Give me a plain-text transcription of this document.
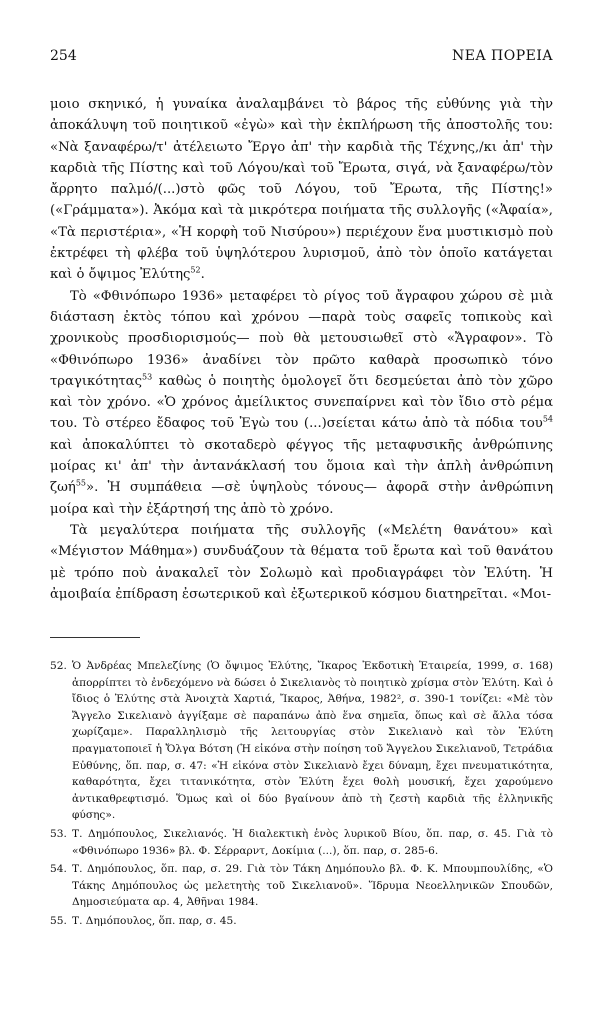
254	ΝΕΑ ΠΟΡΕΙΑ

μοιο σκηνικό, ἡ γυναίκα ἀναλαμβάνει τὸ βάρος τῆς εὐθύνης γιὰ τὴν ἀποκάλυψη τοῦ ποιητικοῦ «ἐγὼ» καὶ τὴν ἐκπλήρωση τῆς ἀποστολῆς του: «Νὰ ξαναφέρω/τ' ἀτέλειωτο Ἔργο ἀπ' τὴν καρδιὰ τῆς Τέχνης,/κι ἀπ' τὴν καρδιὰ τῆς Πίστης καὶ τοῦ Λόγου/καὶ τοῦ Ἔρωτα, σιγά, νὰ ξαναφέρω/τὸν ἄρρητο παλμό/(...)στὸ φῶς τοῦ Λόγου, τοῦ Ἔρωτα, τῆς Πίστης!» («Γράμματα»). Ἀκόμα καὶ τὰ μικρότερα ποιήματα τῆς συλλογῆς («Ἀφαία», «Τὰ περιστέρια», «Ἡ κορφὴ τοῦ Νισύρου») περιέχουν ἕνα μυστικισμὸ ποὺ ἐκτρέφει τὴ φλέβα τοῦ ὑψηλότερου λυρισμοῦ, ἀπὸ τὸν ὁποῖο κατάγεται καὶ ὁ ὄψιμος Ἐλύτης$^{52}$.

Τὸ «Φθινόπωρο 1936» μεταφέρει τὸ ρίγος τοῦ ἄγραφου χώρου σὲ μιὰ διάσταση ἐκτὸς τόπου καὶ χρόνου —παρὰ τοὺς σαφεῖς τοπικοὺς καὶ χρονικοὺς προσδιορισμούς— ποὺ θὰ μετουσιωθεῖ στὸ «Ἄγραφον». Τὸ «Φθινόπωρο 1936» ἀναδίνει τὸν πρῶτο καθαρὰ προσωπικὸ τόνο τραγικότητας$^{53}$ καθὼς ὁ ποιητὴς ὁμολογεῖ ὅτι δεσμεύεται ἀπὸ τὸν χῶρο καὶ τὸν χρόνο. «Ὁ χρόνος ἀμείλικτος συνεπαίρνει καὶ τὸν ἴδιο στὸ ρέμα του. Τὸ στέρεο ἔδαφος τοῦ Ἐγὼ του (...)σείεται κάτω ἀπὸ τὰ πόδια του$^{54}$ καὶ ἀποκαλύπτει τὸ σκοταδερὸ φέγγος τῆς μεταφυσικῆς ἀνθρώπινης μοίρας κι' ἀπ' τὴν ἀντανάκλασή του ὅμοια καὶ τὴν ἁπλὴ ἀνθρώπινη ζωή$^{55}$». Ἡ συμπάθεια —σὲ ὑψηλοὺς τόνους— ἀφορᾶ στὴν ἀνθρώπινη μοίρα καὶ τὴν ἐξάρτησή της ἀπὸ τὸ χρόνο.

Τὰ μεγαλύτερα ποιήματα τῆς συλλογῆς («Μελέτη θανάτου» καὶ «Μέγιστον Μάθημα») συνδυάζουν τὰ θέματα τοῦ ἔρωτα καὶ τοῦ θανάτου μὲ τρόπο ποὺ ἀνακαλεῖ τὸν Σολωμὸ καὶ προδιαγράφει τὸν Ἐλύτη. Ἡ ἀμοιβαία ἐπίδραση ἐσωτερικοῦ καὶ ἐξωτερικοῦ κόσμου διατηρεῖται. «Μοι-

52. Ὁ Ἀνδρέας Μπελεζίνης (Ὁ ὄψιμος Ἐλύτης, Ἴκαρος Ἐκδοτικὴ Ἑταιρεία, 1999, σ. 168) ἀπορρίπτει τὸ ἐνδεχόμενο νὰ δώσει ὁ Σικελιανὸς τὸ ποιητικὸ χρίσμα στὸν Ἐλύτη. Καὶ ὁ ἴδιος ὁ Ἐλύτης στὰ Ἀνοιχτὰ Χαρτιά, Ἴκαρος, Ἀθήνα, 1982², σ. 390-1 τονίζει: «Μὲ τὸν Ἄγγελο Σικελιανὸ ἀγγίξαμε σὲ παραπάνω ἀπὸ ἕνα σημεῖα, ὅπως καὶ σὲ ἄλλα τόσα χωρίζαμε». Παραλληλισμὸ τῆς λειτουργίας στὸν Σικελιανὸ καὶ τὸν Ἐλύτη πραγματοποιεῖ ἡ Ὄλγα Βότση (Ἡ εἰκόνα στὴν ποίηση τοῦ Ἄγγελου Σικελιανοῦ, Τετράδια Εὐθύνης, ὅπ. παρ, σ. 47: «Ἡ εἰκόνα στὸν Σικελιανὸ ἔχει δύναμη, ἔχει πνευματικότητα, καθαρότητα, ἔχει τιτανικότητα, στὸν Ἐλύτη ἔχει θολὴ μουσική, ἔχει χαρούμενο ἀντικαθρεφτισμό. Ὅμως καὶ οἱ δύο βγαίνουν ἀπὸ τὴ ζεστὴ καρδιὰ τῆς ἑλληνικῆς φύσης».
53. Τ. Δημόπουλος, Σικελιανός. Ἡ διαλεκτικὴ ἑνὸς λυρικοῦ Βίου, ὅπ. παρ, σ. 45. Γιὰ τὸ «Φθινόπωρο 1936» βλ. Φ. Σέρραρντ, Δοκίμια (...), ὅπ. παρ, σ. 285-6.
54. Τ. Δημόπουλος, ὅπ. παρ, σ. 29. Γιὰ τὸν Τάκη Δημόπουλο βλ. Φ. Κ. Μπουμπουλίδης, «Ὁ Τάκης Δημόπουλος ὡς μελετητὴς τοῦ Σικελιανοῦ». Ἵδρυμα Νεοελληνικῶν Σπουδῶν, Δημοσιεύματα αρ. 4, Ἀθῆναι 1984.
55. Τ. Δημόπουλος, ὅπ. παρ, σ. 45.
